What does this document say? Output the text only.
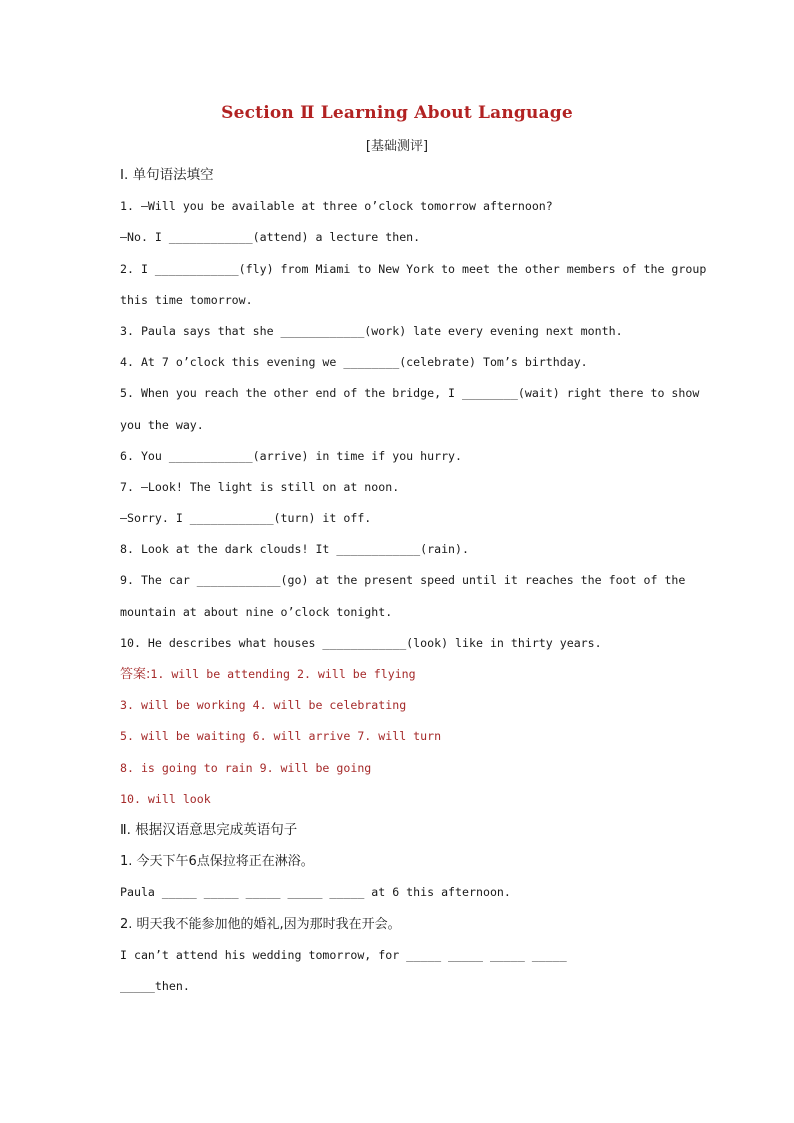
Section Ⅱ Learning About Language
[基础测评]
Ⅰ. 单句语法填空
1. —Will you be available at three o’clock tomorrow afternoon?
—No. I ____________(attend) a lecture then.
2. I ____________(fly) from Miami to New York to meet the other members of the group
this time tomorrow.
3. Paula says that she ____________(work) late every evening next month.
4. At 7 o’clock this evening we ________(celebrate) Tom’s birthday.
5. When you reach the other end of the bridge, I ________(wait) right there to show
you the way.
6. You ____________(arrive) in time if you hurry.
7. —Look! The light is still on at noon.
—Sorry. I ____________(turn) it off.
8. Look at the dark clouds! It ____________(rain).
9. The car ____________(go) at the present speed until it reaches the foot of the
mountain at about nine o’clock tonight.
10. He describes what houses ____________(look) like in thirty years.
答案:1. will be attending 2. will be flying
3. will be working 4. will be celebrating
5. will be waiting 6. will arrive 7. will turn
8. is going to rain 9. will be going
10. will look
Ⅱ. 根据汉语意思完成英语句子
1. 今天下午6点保拉将正在淋浴。
Paula _____ _____ _____ _____ _____ at 6 this afternoon.
2. 明天我不能参加他的婚礼,因为那时我在开会。
I can’t attend his wedding tomorrow, for _____ _____ _____ _____
_____then.
